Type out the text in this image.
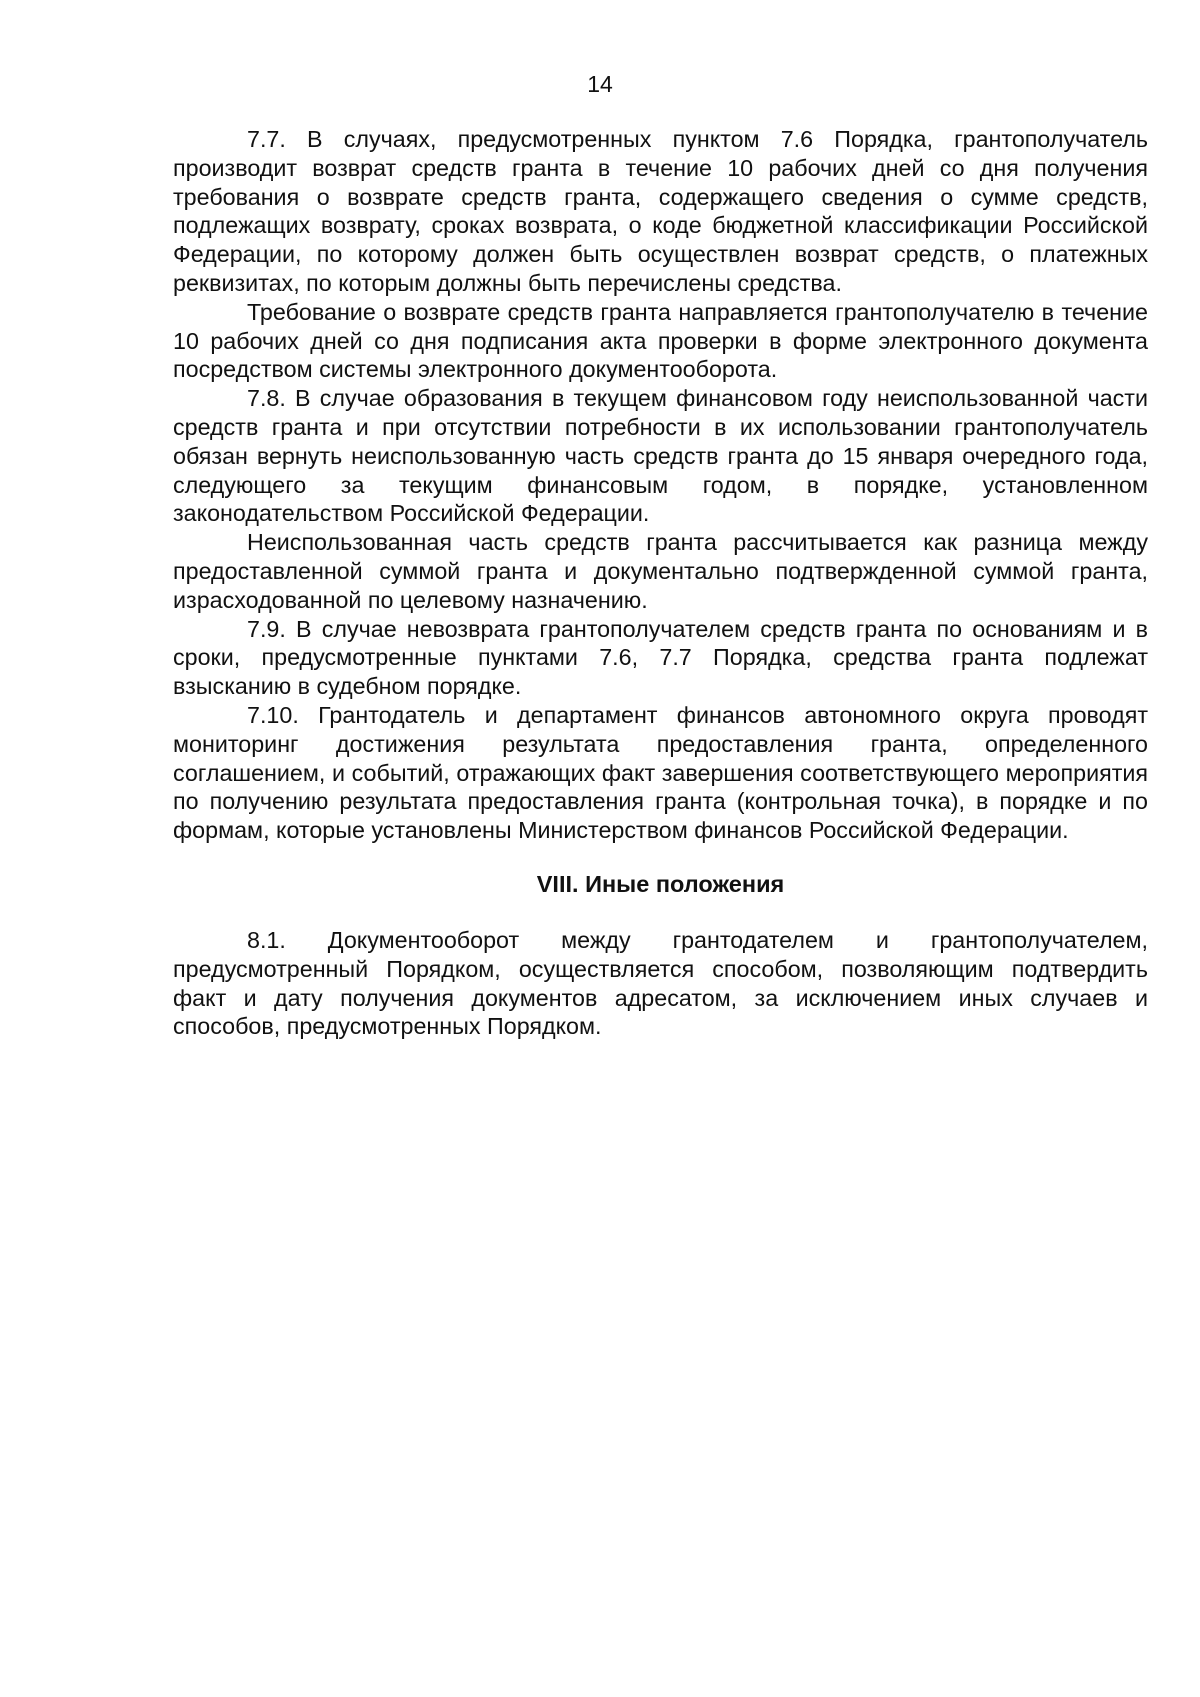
14

7.7. В случаях, предусмотренных пунктом 7.6 Порядка, грантополучатель производит возврат средств гранта в течение 10 рабочих дней со дня получения требования о возврате средств гранта, содержащего сведения о сумме средств, подлежащих возврату, сроках возврата, о коде бюджетной классификации Российской Федерации, по которому должен быть осуществлен возврат средств, о платежных реквизитах, по которым должны быть перечислены средства.

Требование о возврате средств гранта направляется грантополучателю в течение 10 рабочих дней со дня подписания акта проверки в форме электронного документа посредством системы электронного документооборота.

7.8. В случае образования в текущем финансовом году неиспользованной части средств гранта и при отсутствии потребности в их использовании грантополучатель обязан вернуть неиспользованную часть средств гранта до 15 января очередного года, следующего за текущим финансовым годом, в порядке, установленном законодательством Российской Федерации.

Неиспользованная часть средств гранта рассчитывается как разница между предоставленной суммой гранта и документально подтвержденной суммой гранта, израсходованной по целевому назначению.

7.9. В случае невозврата грантополучателем средств гранта по основаниям и в сроки, предусмотренные пунктами 7.6, 7.7 Порядка, средства гранта подлежат взысканию в судебном порядке.

7.10. Грантодатель и департамент финансов автономного округа проводят мониторинг достижения результата предоставления гранта, определенного соглашением, и событий, отражающих факт завершения соответствующего мероприятия по получению результата предоставления гранта (контрольная точка), в порядке и по формам, которые установлены Министерством финансов Российской Федерации.

VIII. Иные положения

8.1. Документооборот между грантодателем и грантополучателем, предусмотренный Порядком, осуществляется способом, позволяющим подтвердить факт и дату получения документов адресатом, за исключением иных случаев и способов, предусмотренных Порядком.
